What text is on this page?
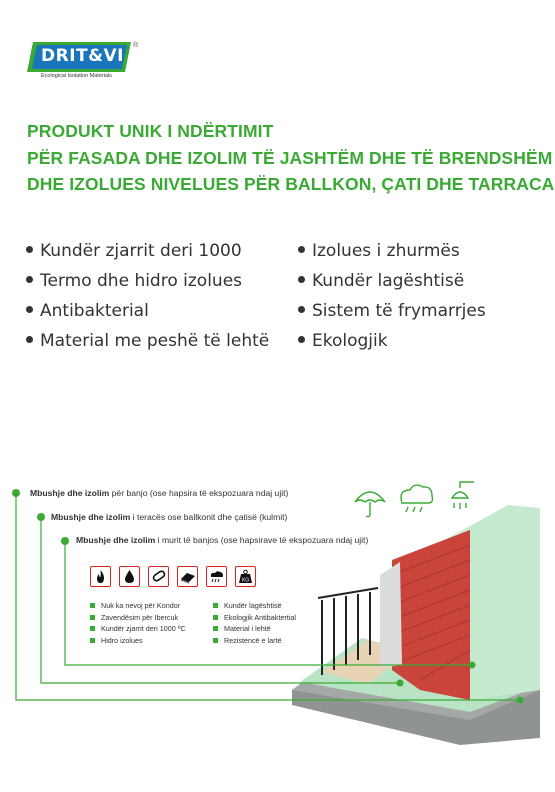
DRIT&VI
®
Ecological Isolation Materials
PRODUKT UNIK I NDËRTIMIT
PËR FASADA DHE IZOLIM TË JASHTËM DHE TË BRENDSHËM
DHE IZOLUES NIVELUES PËR BALLKON, ÇATI DHE TARRACA
Kundër zjarrit deri 1000
Termo dhe hidro izolues
Antibakterial
Material me peshë të lehtë
Izolues i zhurmës
Kundër lagështisë
Sistem të frymarrjes
Ekologjik
Mbushje dhe izolim për banjo (ose hapsira të ekspozuara ndaj ujit)
Mbushje dhe izolim i teracës ose ballkonit dhe çatisë (kulmit)
Mbushje dhe izolim i murit të banjos (ose hapsirave të ekspozuara ndaj ujit)
KG
Nuk ka nevoj për Kondor
Zavendësim për Ibercuk
Kundër zjarrit deri 1000 ºC
Hidro izolues
Kundër lagështisë
Ekologjik Antibaktertial
Material i lehtë
Rezistencë e lartë
